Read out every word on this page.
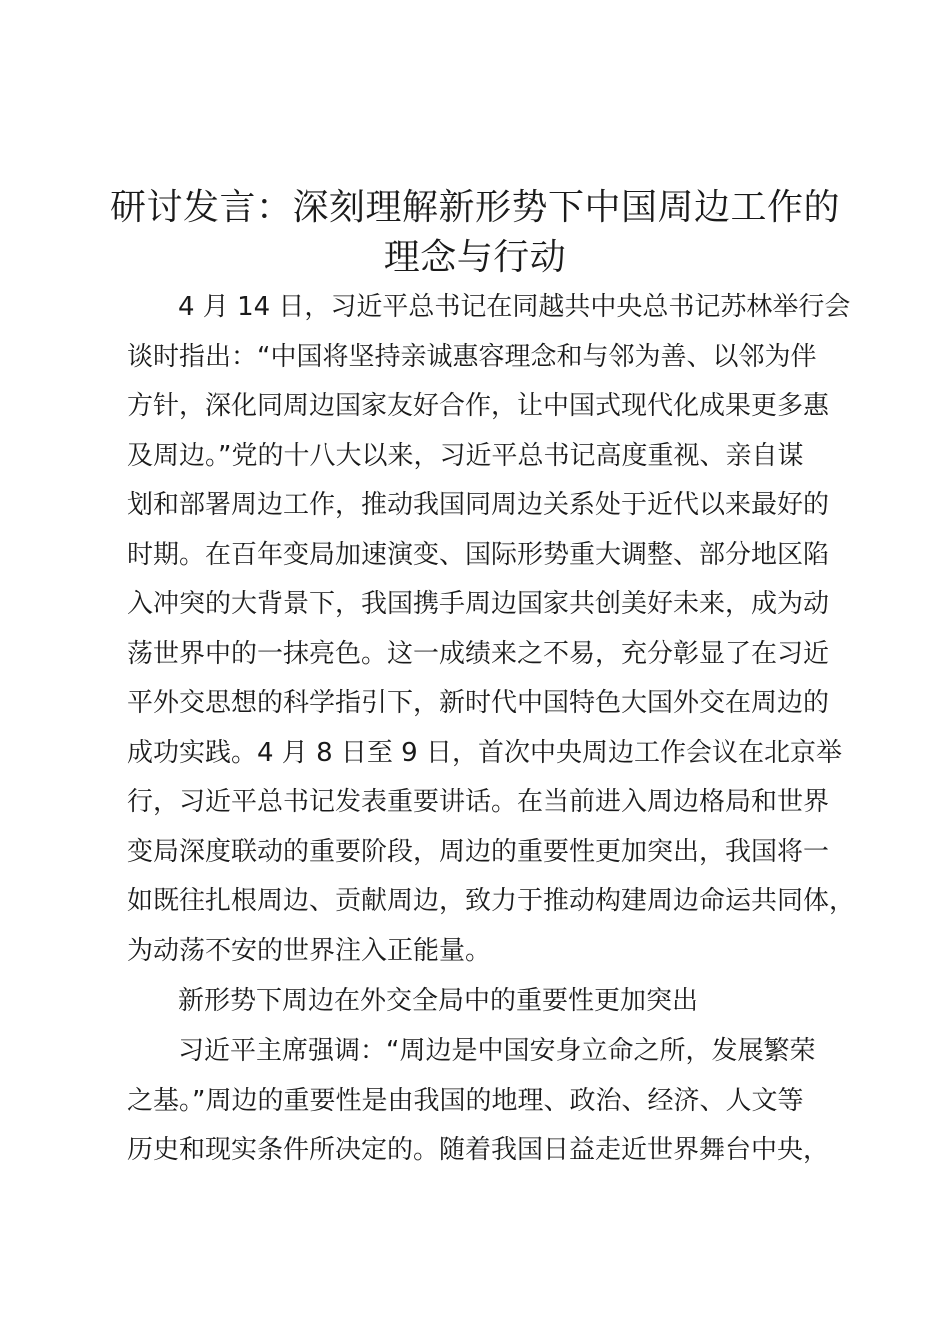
研讨发言：深刻理解新形势下中国周边工作的
理念与行动

4 月 14 日，习近平总书记在同越共中央总书记苏林举行会

谈时指出：“中国将坚持亲诚惠容理念和与邻为善、以邻为伴

方针，深化同周边国家友好合作，让中国式现代化成果更多惠

及周边。”党的十八大以来，习近平总书记高度重视、亲自谋

划和部署周边工作，推动我国同周边关系处于近代以来最好的

时期。在百年变局加速演变、国际形势重大调整、部分地区陷

入冲突的大背景下，我国携手周边国家共创美好未来，成为动

荡世界中的一抹亮色。这一成绩来之不易，充分彰显了在习近

平外交思想的科学指引下，新时代中国特色大国外交在周边的

成功实践。4 月 8 日至 9 日，首次中央周边工作会议在北京举

行，习近平总书记发表重要讲话。在当前进入周边格局和世界

变局深度联动的重要阶段，周边的重要性更加突出，我国将一

如既往扎根周边、贡献周边，致力于推动构建周边命运共同体，

为动荡不安的世界注入正能量。

新形势下周边在外交全局中的重要性更加突出

习近平主席强调：“周边是中国安身立命之所，发展繁荣

之基。”周边的重要性是由我国的地理、政治、经济、人文等

历史和现实条件所决定的。随着我国日益走近世界舞台中央，
